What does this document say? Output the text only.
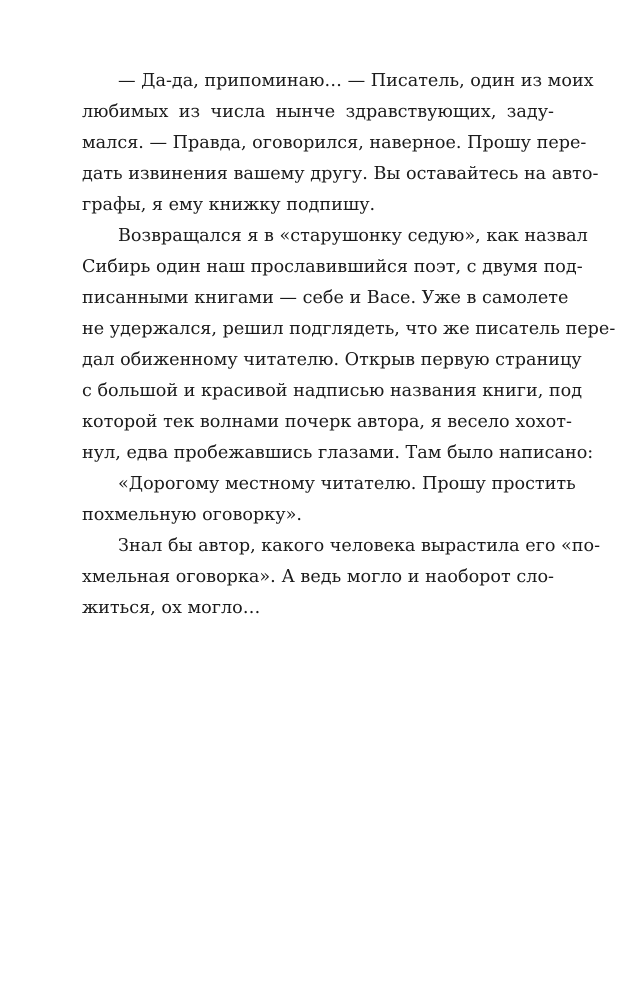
— Да-да, припоминаю… — Писатель, один из моих
любимых из числа нынче здравствующих, заду-
мался. — Правда, оговорился, наверное. Прошу пере-
дать извинения вашему другу. Вы оставайтесь на авто-
графы, я ему книжку подпишу.

Возвращался я в «старушонку седую», как назвал
Сибирь один наш прославившийся поэт, с двумя под-
писанными книгами — себе и Васе. Уже в самолете
не удержался, решил подглядеть, что же писатель пере-
дал обиженному читателю. Открыв первую страницу
с большой и красивой надписью названия книги, под
которой тек волнами почерк автора, я весело хохот-
нул, едва пробежавшись глазами. Там было написано:

«Дорогому местному читателю. Прошу простить
похмельную оговорку».

Знал бы автор, какого человека вырастила его «по-
хмельная оговорка». А ведь могло и наоборот сло-
житься, ох могло…
